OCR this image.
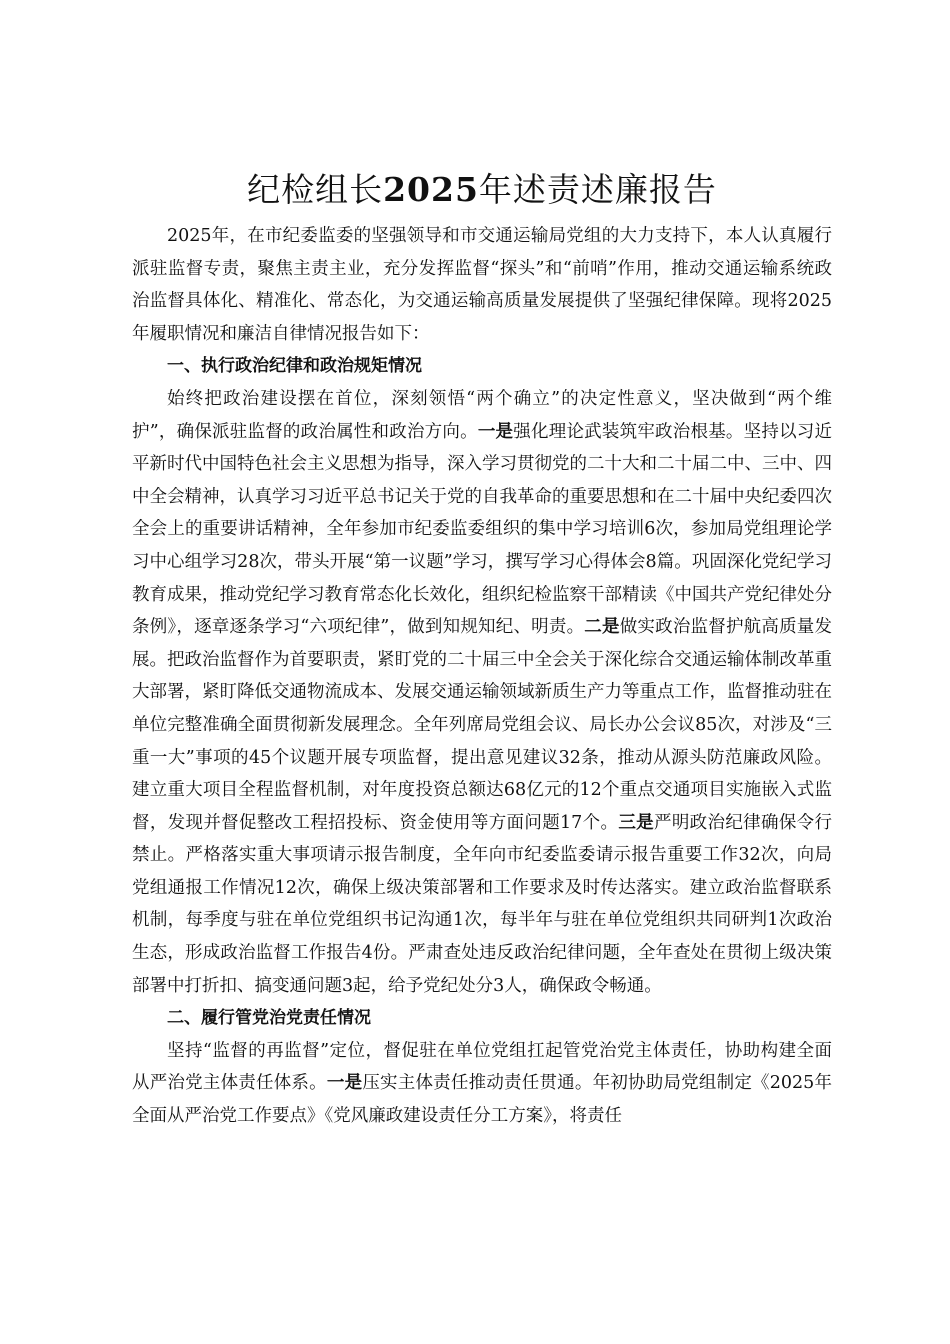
纪检组长2025年述责述廉报告

2025年，在市纪委监委的坚强领导和市交通运输局党组的大力支持下，本人认真履行派驻监督专责，聚焦主责主业，充分发挥监督“探头”和“前哨”作用，推动交通运输系统政治监督具体化、精准化、常态化，为交通运输高质量发展提供了坚强纪律保障。现将2025年履职情况和廉洁自律情况报告如下：

一、执行政治纪律和政治规矩情况

始终把政治建设摆在首位，深刻领悟“两个确立”的决定性意义，坚决做到“两个维护”，确保派驻监督的政治属性和政治方向。一是强化理论武装筑牢政治根基。坚持以习近平新时代中国特色社会主义思想为指导，深入学习贯彻党的二十大和二十届二中、三中、四中全会精神，认真学习习近平总书记关于党的自我革命的重要思想和在二十届中央纪委四次全会上的重要讲话精神，全年参加市纪委监委组织的集中学习培训6次，参加局党组理论学习中心组学习28次，带头开展“第一议题”学习，撰写学习心得体会8篇。巩固深化党纪学习教育成果，推动党纪学习教育常态化长效化，组织纪检监察干部精读《中国共产党纪律处分条例》，逐章逐条学习“六项纪律”，做到知规知纪、明责。二是做实政治监督护航高质量发展。把政治监督作为首要职责，紧盯党的二十届三中全会关于深化综合交通运输体制改革重大部署，紧盯降低交通物流成本、发展交通运输领域新质生产力等重点工作，监督推动驻在单位完整准确全面贯彻新发展理念。全年列席局党组会议、局长办公会议85次，对涉及“三重一大”事项的45个议题开展专项监督，提出意见建议32条，推动从源头防范廉政风险。建立重大项目全程监督机制，对年度投资总额达68亿元的12个重点交通项目实施嵌入式监督，发现并督促整改工程招投标、资金使用等方面问题17个。三是严明政治纪律确保令行禁止。严格落实重大事项请示报告制度，全年向市纪委监委请示报告重要工作32次，向局党组通报工作情况12次，确保上级决策部署和工作要求及时传达落实。建立政治监督联系机制，每季度与驻在单位党组织书记沟通1次，每半年与驻在单位党组织共同研判1次政治生态，形成政治监督工作报告4份。严肃查处违反政治纪律问题，全年查处在贯彻上级决策部署中打折扣、搞变通问题3起，给予党纪处分3人，确保政令畅通。

二、履行管党治党责任情况

坚持“监督的再监督”定位，督促驻在单位党组扛起管党治党主体责任，协助构建全面从严治党主体责任体系。一是压实主体责任推动责任贯通。年初协助局党组制定《2025年全面从严治党工作要点》《党风廉政建设责任分工方案》，将责任
